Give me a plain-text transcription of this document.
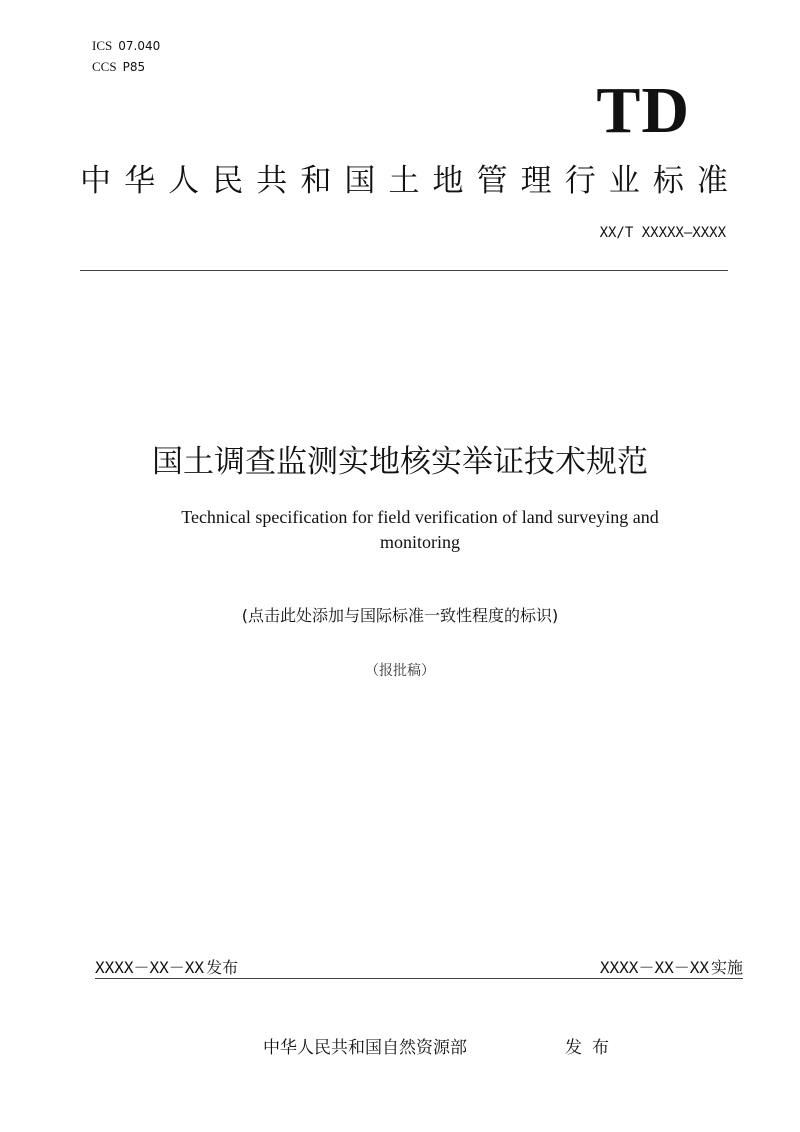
ICS 07.040
CCS P85
TD
中 华 人 民 共 和 国 土 地 管 理 行 业 标 准
XX/T XXXXX—XXXX
国土调查监测实地核实举证技术规范
Technical specification for field verification of land surveying and
monitoring
(点击此处添加与国际标准一致性程度的标识)
（报批稿）
XXXX－XX－XX 发布	XXXX－XX－XX 实施
中华人民共和国自然资源部	发布
